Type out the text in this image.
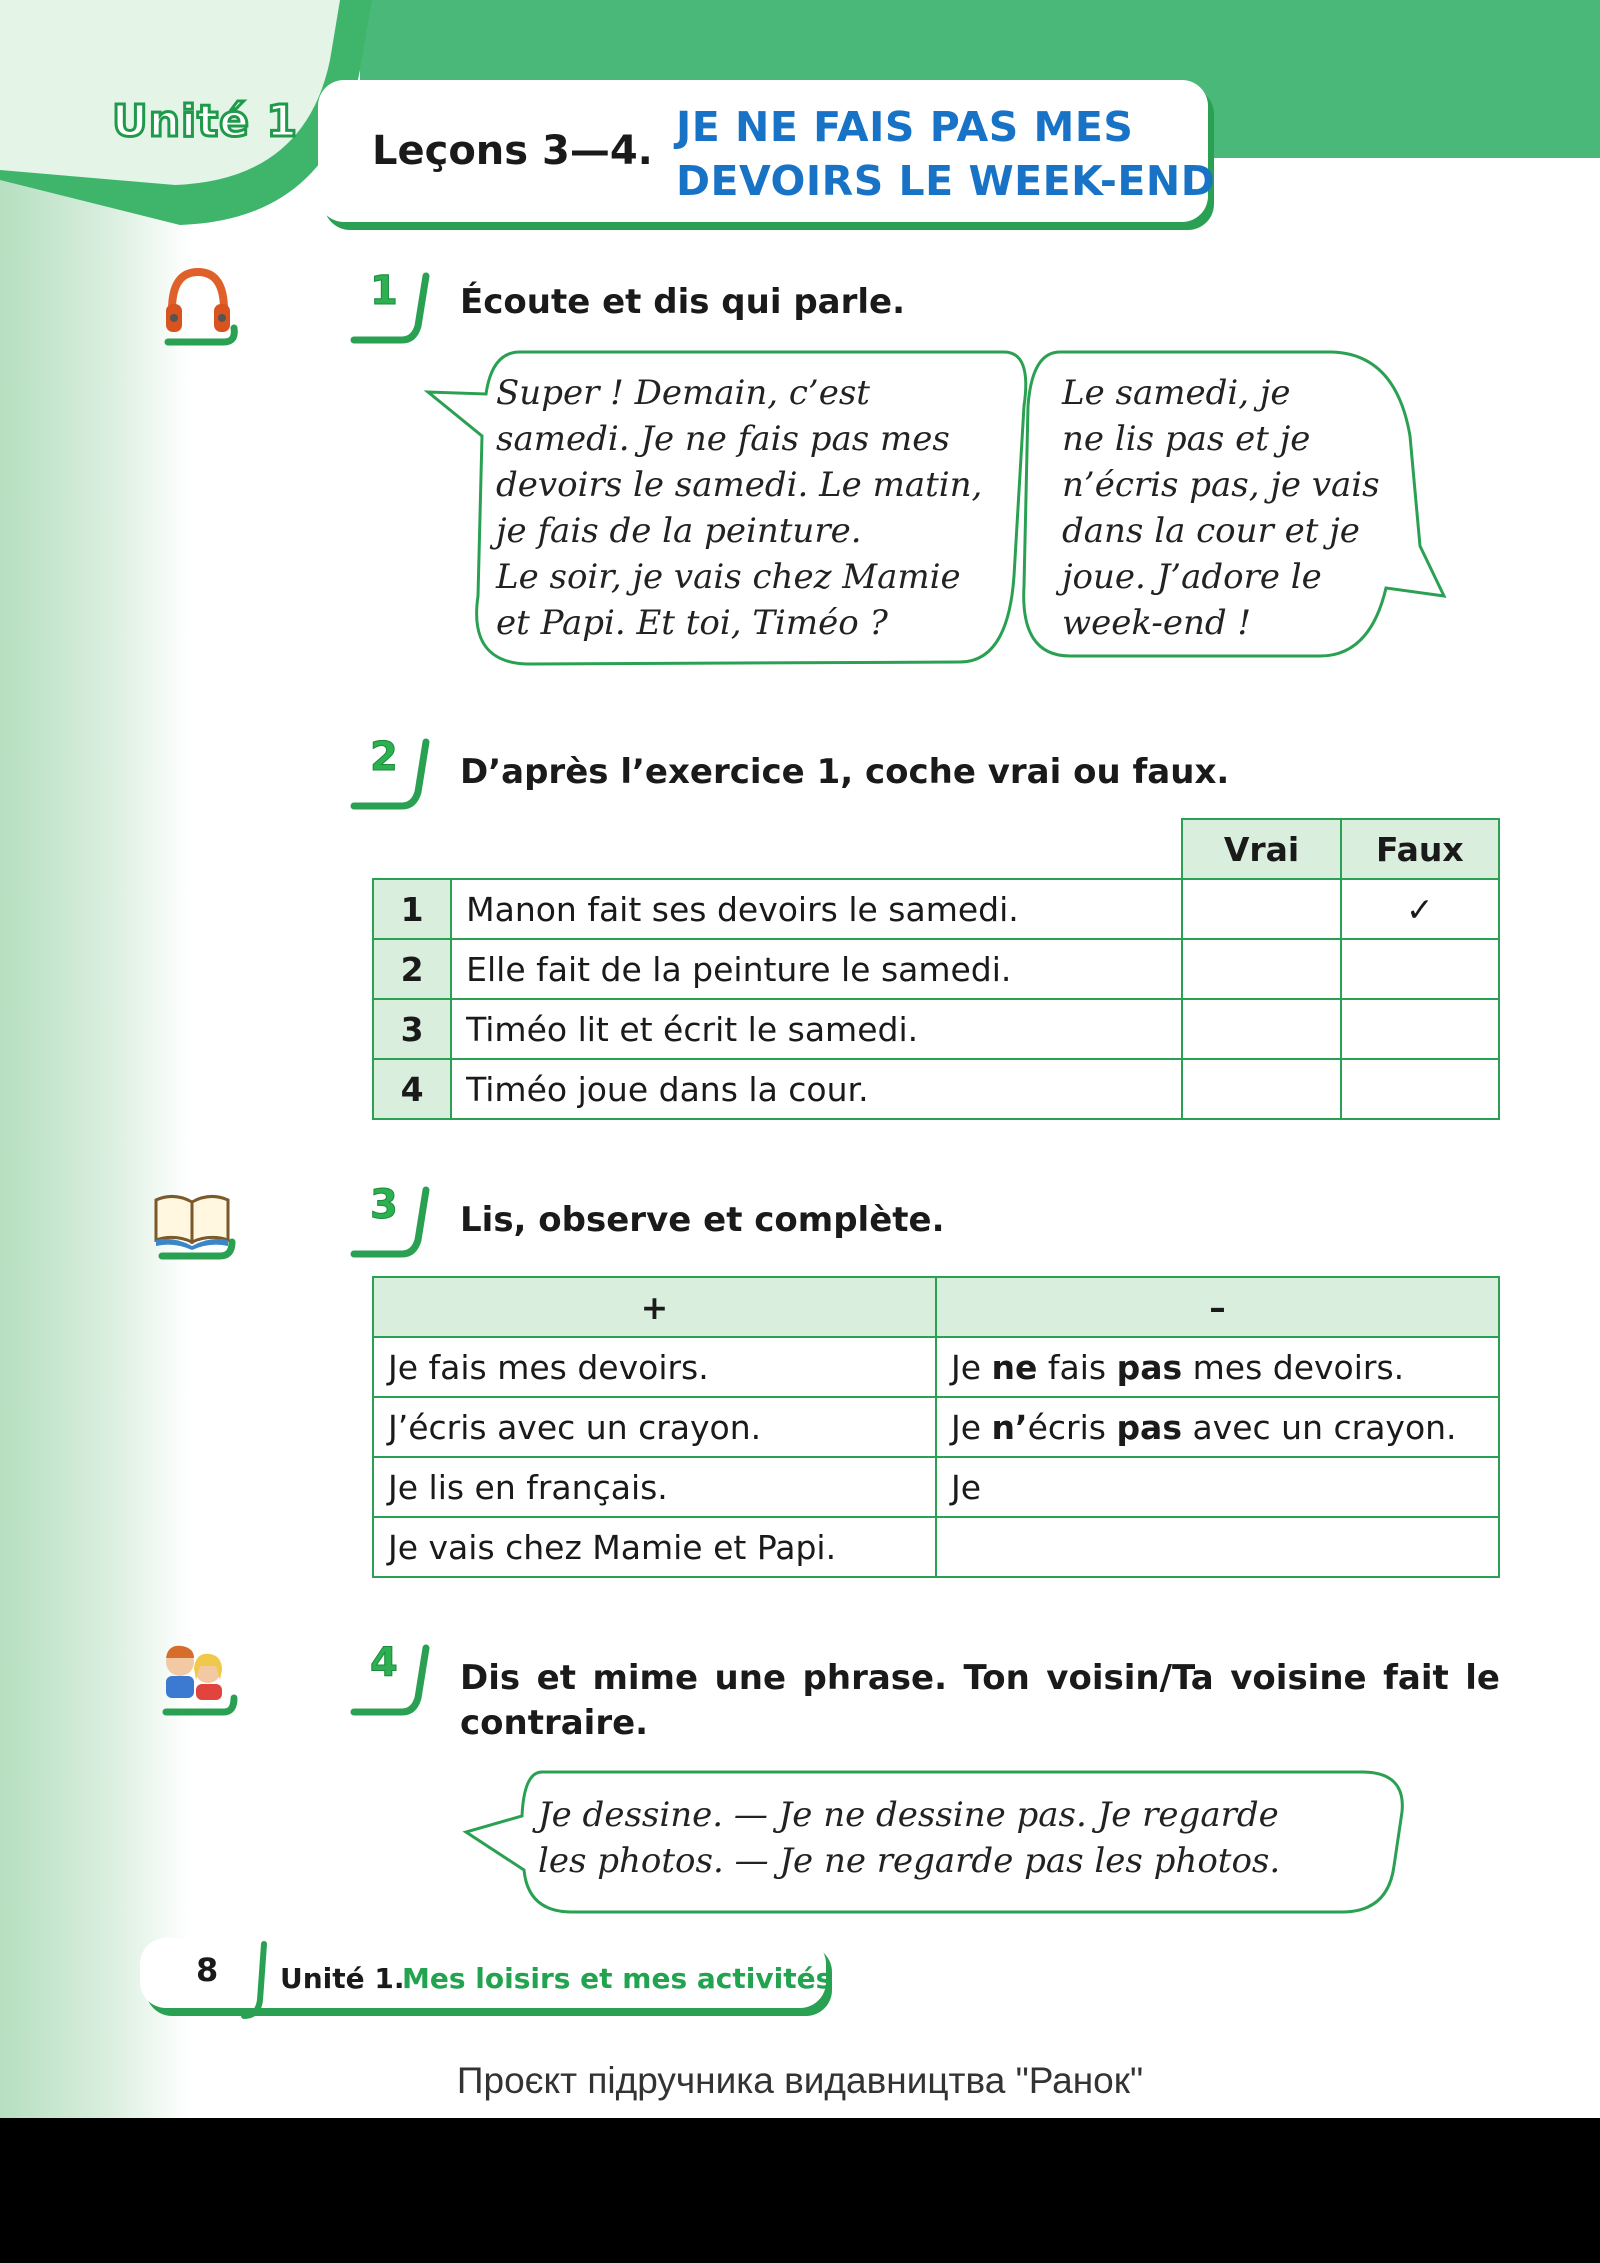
Unité 1
Leçons 3—4. JE NE FAIS PAS MES
DEVOIRS LE WEEK-END
1 Écoute et dis qui parle.
Super ! Demain, c’est
samedi. Je ne fais pas mes
devoirs le samedi. Le matin,
je fais de la peinture.
Le soir, je vais chez Mamie
et Papi. Et toi, Timéo ?
Le samedi, je
ne lis pas et je
n’écris pas, je vais
dans la cour et je
joue. J’adore le
week-end !
2 D’après l’exercice 1, coche vrai ou faux.
		Vrai	Faux
1	Manon fait ses devoirs le samedi.		✓
2	Elle fait de la peinture le samedi.		
3	Timéo lit et écrit le samedi.		
4	Timéo joue dans la cour.		
3 Lis, observe et complète.
+	–
Je fais mes devoirs.	Je ne fais pas mes devoirs.
J’écris avec un crayon.	Je n’écris pas avec un crayon.
Je lis en français.	Je
Je vais chez Mamie et Papi.	
4 Dis et mime une phrase. Ton voisin/Ta voisine fait le
contraire.
Je dessine. — Je ne dessine pas. Je regarde
les photos. — Je ne regarde pas les photos.
8 Unité 1.
Mes loisirs et mes activités
Проєкт підручника видавництва "Ранок"
